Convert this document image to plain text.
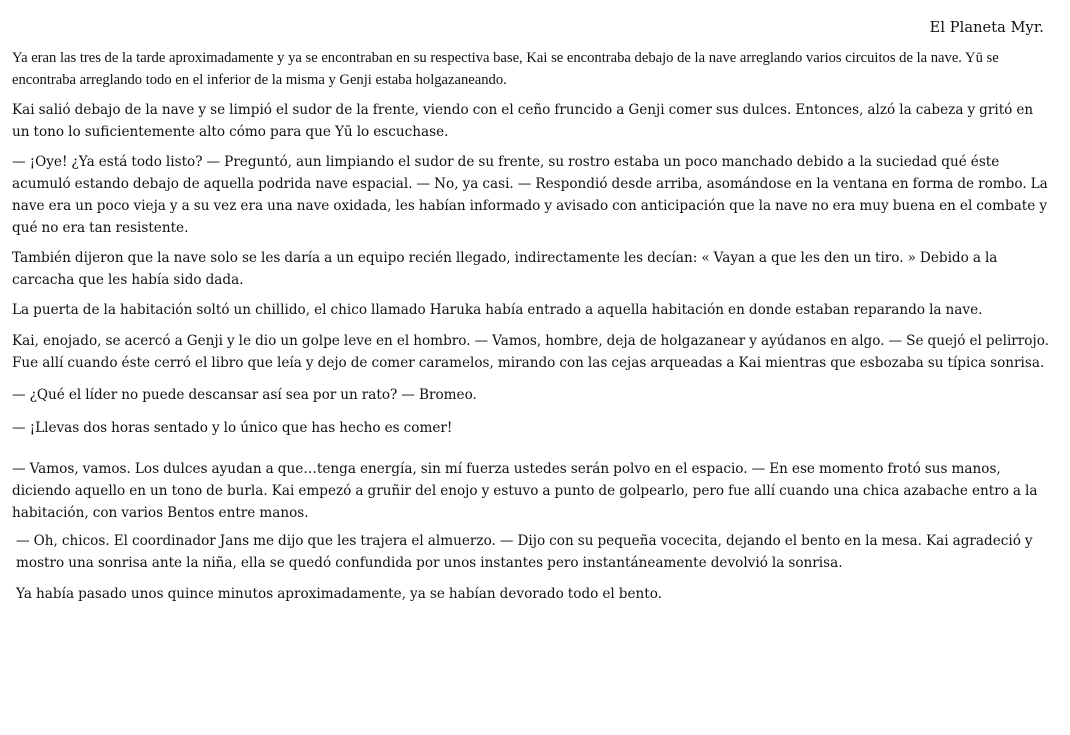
El Planeta Myr.

Ya eran las tres de la tarde aproximadamente y ya se encontraban en su respectiva base, Kai se encontraba debajo de la nave arreglando varios circuitos de la nave. Yū se encontraba arreglando todo en el inferior de la misma y Genji estaba holgazaneando.

Kai salió debajo de la nave y se limpió el sudor de la frente, viendo con el ceño fruncido a Genji comer sus dulces. Entonces, alzó la cabeza y gritó en un tono lo suficientemente alto cómo para que Yū lo escuchase.

— ¡Oye! ¿Ya está todo listo? — Preguntó, aun limpiando el sudor de su frente, su rostro estaba un poco manchado debido a la suciedad qué éste acumuló estando debajo de aquella podrida nave espacial. — No, ya casi. — Respondió desde arriba, asomándose en la ventana en forma de rombo. La nave era un poco vieja y a su vez era una nave oxidada, les habían informado y avisado con anticipación que la nave no era muy buena en el combate y qué no era tan resistente.

También dijeron que la nave solo se les daría a un equipo recién llegado, indirectamente les decían: « Vayan a que les den un tiro. » Debido a la carcacha que les había sido dada.

La puerta de la habitación soltó un chillido, el chico llamado Haruka había entrado a aquella habitación en donde estaban reparando la nave.

Kai, enojado, se acercó a Genji y le dio un golpe leve en el hombro. — Vamos, hombre, deja de holgazanear y ayúdanos en algo. — Se quejó el pelirrojo. Fue allí cuando éste cerró el libro que leía y dejo de comer caramelos, mirando con las cejas arqueadas a Kai mientras que esbozaba su típica sonrisa.

— ¿Qué el líder no puede descansar así sea por un rato? — Bromeo.

— ¡Llevas dos horas sentado y lo único que has hecho es comer!

— Vamos, vamos. Los dulces ayudan a que…tenga energía, sin mí fuerza ustedes serán polvo en el espacio. — En ese momento frotó sus manos, diciendo aquello en un tono de burla. Kai empezó a gruñir del enojo y estuvo a punto de golpearlo, pero fue allí cuando una chica azabache entro a la habitación, con varios Bentos entre manos.

— Oh, chicos. El coordinador Jans me dijo que les trajera el almuerzo. — Dijo con su pequeña vocecita, dejando el bento en la mesa. Kai agradeció y mostro una sonrisa ante la niña, ella se quedó confundida por unos instantes pero instantáneamente devolvió la sonrisa.

Ya había pasado unos quince minutos aproximadamente, ya se habían devorado todo el bento.
